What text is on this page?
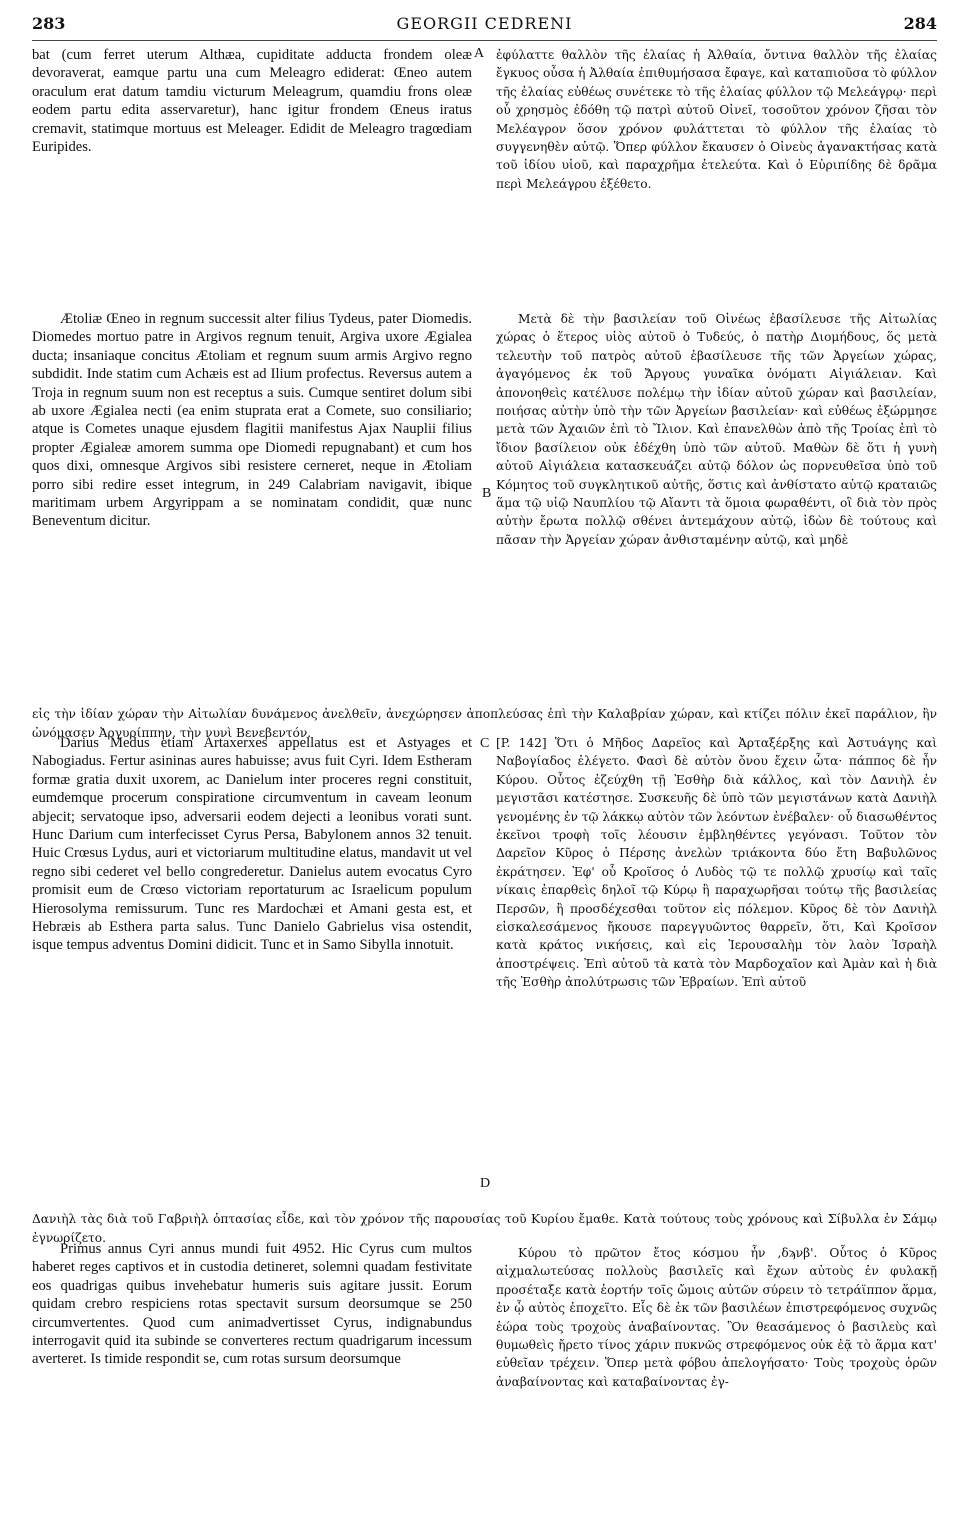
283	GEORGII CEDRENI	284

bat (cum ferret uterum Althæa, cupiditate adducta frondem oleæ devoraverat, eamque partu una cum Meleagro ediderat: Œneo autem oraculum erat datum tamdiu victurum Meleagrum, quamdiu frons oleæ eodem partu edita asservaretur), hanc igitur frondem Œneus iratus cremavit, statimque mortuus est Meleager. Edidit de Meleagro tragœdiam Euripides.

A ἐφύλαττε θαλλὸν τῆς ἐλαίας ἡ Ἀλθαία, ὄντινα θαλλὸν τῆς ἐλαίας ἔγκυος οὖσα ἡ Ἀλθαία ἐπιθυμήσασα ἔφαγε, καὶ καταπιοῦσα τὸ φύλλον τῆς ἐλαίας εὐθέως συνέτεκε τὸ τῆς ἐλαίας φύλλον τῷ Μελεάγρῳ· περὶ οὗ χρησμὸς ἐδόθη τῷ πατρὶ αὐτοῦ Οἰνεῖ, τοσοῦτον χρόνον ζῆσαι τὸν Μελέαγρον ὅσον χρόνον φυλάττεται τὸ φύλλον τῆς ἐλαίας τὸ συγγενηθὲν αὐτῷ. Ὅπερ φύλλον ἔκαυσεν ὁ Οἰνεὺς ἀγανακτήσας κατὰ τοῦ ἰδίου υἱοῦ, καὶ παραχρῆμα ἐτελεύτα. Καὶ ὁ Εὐριπίδης δὲ δρᾶμα περὶ Μελεάγρου ἐξέθετο.

Ætoliæ Œneo in regnum successit alter filius Tydeus, pater Diomedis. Diomedes mortuo patre in Argivos regnum tenuit, Argiva uxore Ægialea ducta; insaniaque concitus Ætoliam et regnum suum armis Argivo regno subdidit. Inde statim cum Achæis est ad Ilium profectus. Reversus autem a Troja in regnum suum non est receptus a suis. Cumque sentiret dolum sibi ab uxore Ægialea necti (ea enim stuprata erat a Comete, suo consiliario; atque is Cometes unaque ejusdem flagitii manifestus Ajax Nauplii filius propter Ægialeæ amorem summa ope Diomedi repugnabant) et cum hos quos dixi, omnesque Argivos sibi resistere cerneret, neque in Ætoliam porro sibi redire esset integrum, in 249 Calabriam navigavit, ibique maritimam urbem Argyrippam a se nominatam condidit, quæ nunc Beneventum dicitur.

B

Μετὰ δὲ τὴν βασιλείαν τοῦ Οἰνέως ἐβασίλευσε τῆς Αἰτωλίας χώρας ὁ ἕτερος υἱὸς αὐτοῦ ὁ Τυδεύς, ὁ πατὴρ Διομήδους, ὅς μετὰ τελευτὴν τοῦ πατρὸς αὐτοῦ ἐβασίλευσε τῆς τῶν Ἀργείων χώρας, ἀγαγόμενος ἐκ τοῦ Ἄργους γυναῖκα ὀνόματι Αἰγιάλειαν. Καὶ ἀπονοηθεὶς κατέλυσε πολέμῳ τὴν ἰδίαν αὐτοῦ χώραν καὶ βασιλείαν, ποιήσας αὐτὴν ὑπὸ τὴν τῶν Ἀργείων βασιλείαν· καὶ εὐθέως ἐξώρμησε μετὰ τῶν Ἀχαιῶν ἐπὶ τὸ Ἴλιον. Καὶ ἐπανελθὼν ἀπὸ τῆς Τροίας ἐπὶ τὸ ἴδιον βασίλειον οὐκ ἐδέχθη ὑπὸ τῶν αὐτοῦ. Μαθὼν δὲ ὅτι ἡ γυνὴ αὐτοῦ Αἰγιάλεια κατασκευάζει αὐτῷ δόλον ὡς πορνευθεῖσα ὑπὸ τοῦ Κόμητος τοῦ συγκλητικοῦ αὐτῆς, ὅστις καὶ ἀνθίστατο αὐτῷ κραταιῶς ἅμα τῷ υἱῷ Ναυπλίου τῷ Αἴαντι τὰ ὅμοια φωραθέντι, οἳ διὰ τὸν πρὸς αὐτὴν ἔρωτα πολλῷ σθένει ἀντεμάχουν αὐτῷ, ἰδὼν δὲ τούτους καὶ πᾶσαν τὴν Ἀργείαν χώραν ἀνθισταμένην αὐτῷ, καὶ μηδὲ

εἰς τὴν ἰδίαν χώραν τὴν Αἰτωλίαν δυνάμενος ἀνελθεῖν, ἀνεχώρησεν ἀποπλεύσας ἐπὶ τὴν Καλαβρίαν χώραν, καὶ κτίζει πόλιν ἐκεῖ παράλιον, ἣν ὠνόμασεν Ἀργυρίππην, τὴν νυνὶ Βενεβεντόν.

Darius Medus etiam Artaxerxes appellatus est et Astyages et Nabogiadus. Fertur asininas aures habuisse; avus fuit Cyri. Idem Estheram formæ gratia duxit uxorem, ac Danielum inter proceres regni constituit, eumdemque procerum conspiratione circumventum in caveam leonum abjecit; servatoque ipso, adversarii eodem dejecti a leonibus vorati sunt. Hunc Darium cum interfecisset Cyrus Persa, Babylonem annos 32 tenuit. Huic Crœsus Lydus, auri et victoriarum multitudine elatus, mandavit ut vel regno sibi cederet vel bello congrederetur. Danielus autem evocatus Cyro promisit eum de Crœso victoriam reportaturum ac Israelicum populum Hierosolyma remissurum. Tunc res Mardochæi et Amani gesta est, et Hebræis ab Esthera parta salus. Tunc Danielo Gabrielus visa ostendit, isque tempus adventus Domini didicit. Tunc et in Samo Sibylla innotuit.

C
D

[P. 142] Ὅτι ὁ Μῆδος Δαρεῖος καὶ Ἀρταξέρξης καὶ Ἀστυάγης καὶ Ναβογίαδος ἐλέγετο. Φασὶ δὲ αὐτὸν ὄνου ἔχειν ὦτα· πάππος δὲ ἦν Κύρου. Οὗτος ἐζεύχθη τῇ Ἐσθὴρ διὰ κάλλος, καὶ τὸν Δανιὴλ ἐν μεγιστᾶσι κατέστησε. Συσκευῆς δὲ ὑπὸ τῶν μεγιστάνων κατὰ Δανιὴλ γενομένης ἐν τῷ λάκκῳ αὐτὸν τῶν λεόντων ἐνέβαλεν· οὗ διασωθέντος ἐκεῖνοι τροφὴ τοῖς λέουσιν ἐμβληθέντες γεγόνασι. Τοῦτον τὸν Δαρεῖον Κῦρος ὁ Πέρσης ἀνελὼν τριάκοντα δύο ἔτη Βαβυλῶνος ἐκράτησεν. Ἐφ' οὗ Κροῖσος ὁ Λυδὸς τῷ τε πολλῷ χρυσίῳ καὶ ταῖς νίκαις ἐπαρθεὶς δηλοῖ τῷ Κύρῳ ἢ παραχωρῆσαι τούτῳ τῆς βασιλείας Περσῶν, ἢ προσδέχεσθαι τοῦτον εἰς πόλεμον. Κῦρος δὲ τὸν Δανιὴλ εἰσκαλεσάμενος ἤκουσε παρεγγυῶντος θαρρεῖν, ὅτι, Καὶ Κροῖσον κατὰ κράτος νικήσεις, καὶ εἰς Ἱερουσαλὴμ τὸν λαὸν Ἰσραὴλ ἀποστρέψεις. Ἐπὶ αὐτοῦ τὰ κατὰ τὸν Μαρδοχαῖον καὶ Ἀμὰν καὶ ἡ διὰ τῆς Ἐσθὴρ ἀπολύτρωσις τῶν Ἑβραίων. Ἐπὶ αὐτοῦ

Δανιὴλ τὰς διὰ τοῦ Γαβριὴλ ὀπτασίας εἶδε, καὶ τὸν χρόνον τῆς παρουσίας τοῦ Κυρίου ἔμαθε. Κατὰ τούτους τοὺς χρόνους καὶ Σίβυλλα ἐν Σάμῳ ἐγνωρίζετο.

Primus annus Cyri annus mundi fuit 4952. Hic Cyrus cum multos haberet reges captivos et in custodia detineret, solemni quadam festivitate eos quadrigas quibus invehebatur humeris suis agitare jussit. Eorum quidam crebro respiciens rotas spectavit sursum deorsumque se 250 circumvertentes. Quod cum animadvertisset Cyrus, indignabundus interrogavit quid ita subinde se converteres rectum quadrigarum incessum averteret. Is timide respondit se, cum rotas sursum deorsumque

Κύρου τὸ πρῶτον ἔτος κόσμου ἦν ,δϡνβ'. Οὗτος ὁ Κῦρος αἰχμαλωτεύσας πολλοὺς βασιλεῖς καὶ ἔχων αὐτοὺς ἐν φυλακῇ προσέταξε κατὰ ἑορτήν τοῖς ὤμοις αὐτῶν σύρειν τὸ τετράϊππον ἅρμα, ἐν ᾧ αὐτὸς ἐποχεῖτο. Εἷς δὲ ἐκ τῶν βασιλέων ἐπιστρεφόμενος συχνῶς ἑώρα τοὺς τροχοὺς ἀναβαίνοντας. Ὃν θεασάμενος ὁ βασιλεὺς καὶ θυμωθεὶς ἤρετο τίνος χάριν πυκνῶς στρεφόμενος οὐκ ἐᾷ τὸ ἅρμα κατ' εὐθεῖαν τρέχειν. Ὅπερ μετὰ φόβου ἀπελογήσατο· Τοὺς τροχοὺς ὁρῶν ἀναβαίνοντας καὶ καταβαίνοντας ἐγ-
